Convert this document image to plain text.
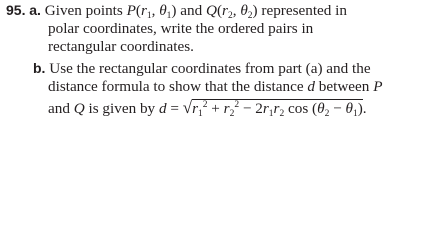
95. a. Given points $P(r_1$, $\theta_1$) and $Q(r_2$, $\theta_2$) represented in
polar coordinates, write the ordered pairs in
rectangular coordinates.
b. Use the rectangular coordinates from part (a) and the
distance formula to show that the distance d between P
and Q is given by $d = √r_1^2 + r_2^2 - 2r_1r_2$ $\cos (\theta_2 - \theta_1)$.
